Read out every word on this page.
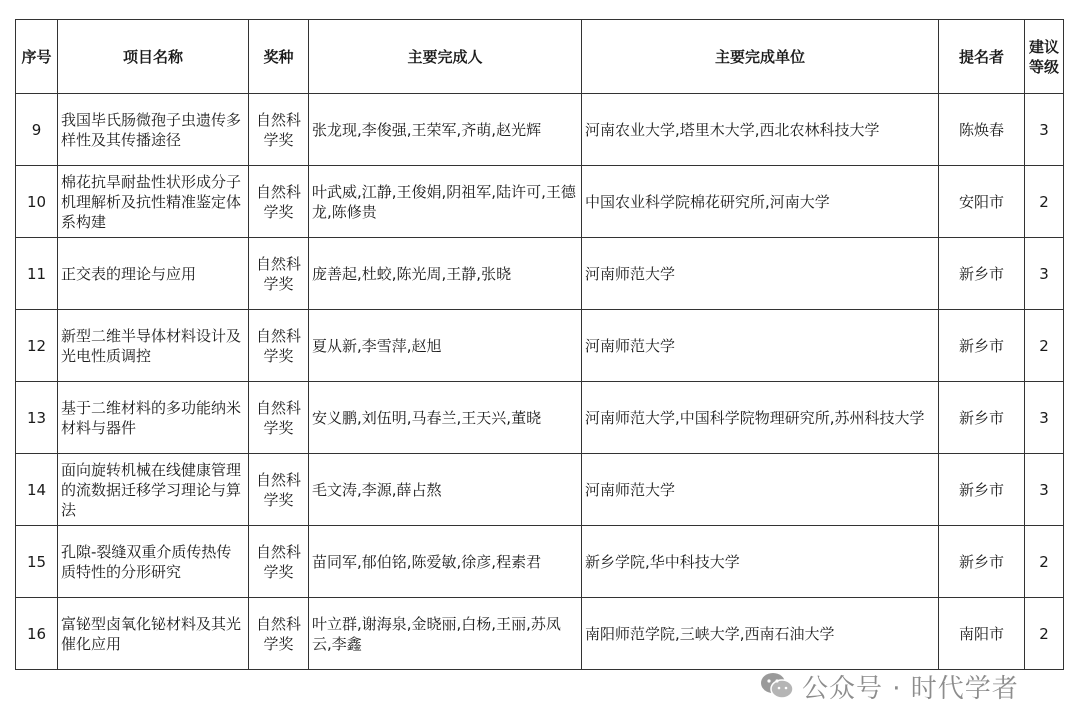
序号	项目名称	奖种	主要完成人	主要完成单位	提名者	建议
等级
9	我国毕氏肠微孢子虫遗传多样性及其传播途径	自然科学奖	张龙现,李俊强,王荣军,齐萌,赵光辉	河南农业大学,塔里木大学,西北农林科技大学	陈焕春	3
10	棉花抗旱耐盐性状形成分子机理解析及抗性精准鉴定体系构建	自然科学奖	叶武威,江静,王俊娟,阴祖军,陆许可,王德龙,陈修贵	中国农业科学院棉花研究所,河南大学	安阳市	2
11	正交表的理论与应用	自然科学奖	庞善起,杜蛟,陈光周,王静,张晓	河南师范大学	新乡市	3
12	新型二维半导体材料设计及光电性质调控	自然科学奖	夏从新,李雪萍,赵旭	河南师范大学	新乡市	2
13	基于二维材料的多功能纳米材料与器件	自然科学奖	安义鹏,刘伍明,马春兰,王天兴,董晓	河南师范大学,中国科学院物理研究所,苏州科技大学	新乡市	3
14	面向旋转机械在线健康管理的流数据迁移学习理论与算法	自然科学奖	毛文涛,李源,薛占熬	河南师范大学	新乡市	3
15	孔隙-裂缝双重介质传热传质特性的分形研究	自然科学奖	苗同军,郁伯铭,陈爱敏,徐彦,程素君	新乡学院,华中科技大学	新乡市	2
16	富铋型卤氧化铋材料及其光催化应用	自然科学奖	叶立群,谢海泉,金晓丽,白杨,王丽,苏凤云,李鑫	南阳师范学院,三峡大学,西南石油大学	南阳市	2
公众号 · 时代学者
